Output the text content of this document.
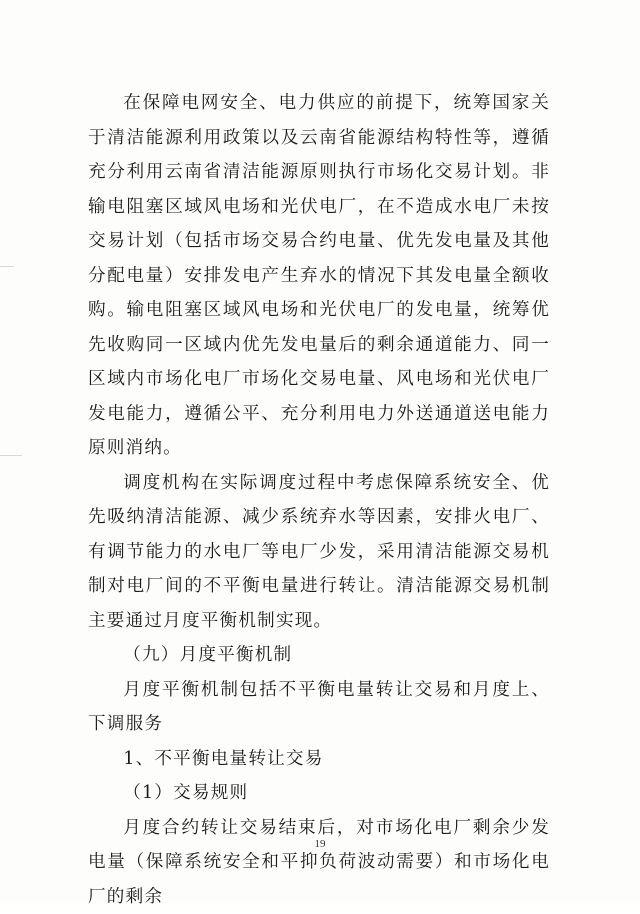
在保障电网安全、电力供应的前提下，统筹国家关于清洁能源利用政策以及云南省能源结构特性等，遵循充分利用云南省清洁能源原则执行市场化交易计划。非输电阻塞区域风电场和光伏电厂，在不造成水电厂未按交易计划（包括市场交易合约电量、优先发电量及其他分配电量）安排发电产生弃水的情况下其发电量全额收购。输电阻塞区域风电场和光伏电厂的发电量，统筹优先收购同一区域内优先发电量后的剩余通道能力、同一区域内市场化电厂市场化交易电量、风电场和光伏电厂发电能力，遵循公平、充分利用电力外送通道送电能力原则消纳。

调度机构在实际调度过程中考虑保障系统安全、优先吸纳清洁能源、减少系统弃水等因素，安排火电厂、有调节能力的水电厂等电厂少发，采用清洁能源交易机制对电厂间的不平衡电量进行转让。清洁能源交易机制主要通过月度平衡机制实现。

（九）月度平衡机制

月度平衡机制包括不平衡电量转让交易和月度上、下调服务

1、不平衡电量转让交易

（1）交易规则

月度合约转让交易结束后，对市场化电厂剩余少发电量（保障系统安全和平抑负荷波动需要）和市场化电厂的剩余

19
